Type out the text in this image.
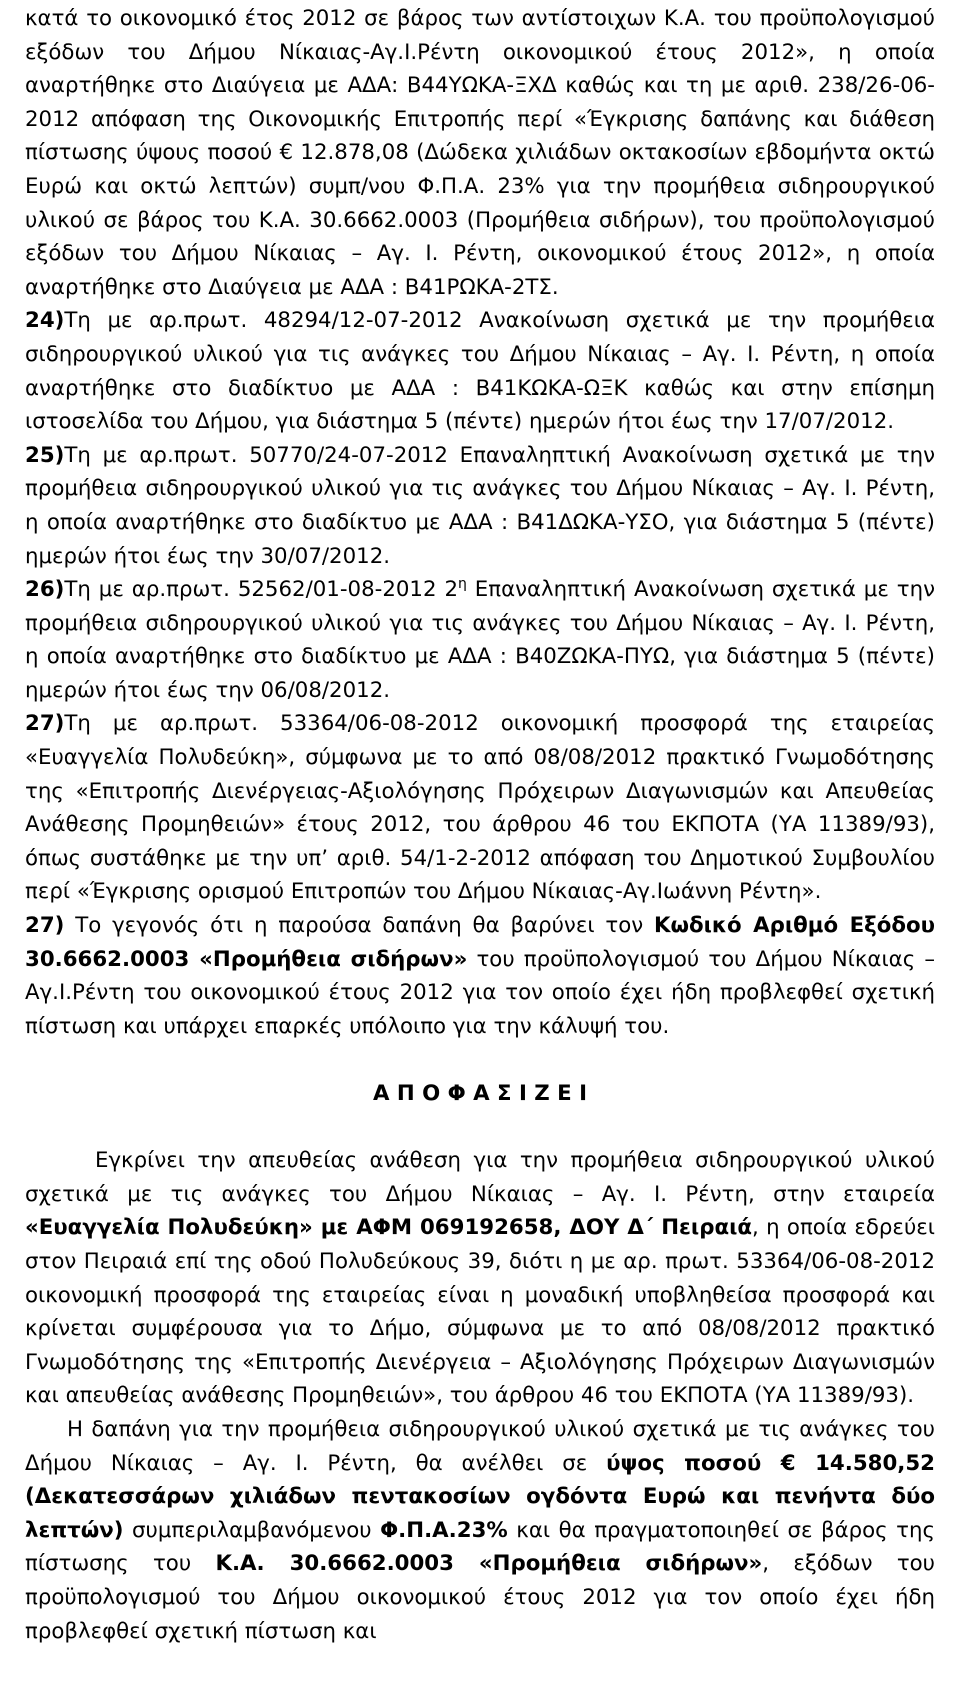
κατά το οικονομικό έτος 2012 σε βάρος των αντίστοιχων Κ.Α. του προϋπολογισμού εξόδων του Δήμου Νίκαιας-Αγ.Ι.Ρέντη οικονομικού έτους 2012», η οποία αναρτήθηκε στο Διαύγεια με ΑΔΑ: Β44ΥΩΚΑ-ΞΧΔ καθώς και τη με αριθ. 238/26-06-2012 απόφαση της Οικονομικής Επιτροπής περί «Έγκρισης δαπάνης και διάθεση πίστωσης ύψους ποσού € 12.878,08 (Δώδεκα χιλιάδων οκτακοσίων εβδομήντα οκτώ Ευρώ και οκτώ λεπτών) συμπ/νου Φ.Π.Α. 23% για την προμήθεια σιδηρουργικού υλικού σε βάρος του Κ.Α. 30.6662.0003 (Προμήθεια σιδήρων), του προϋπολογισμού εξόδων του Δήμου Νίκαιας – Αγ. Ι. Ρέντη, οικονομικού έτους 2012», η οποία αναρτήθηκε στο Διαύγεια με ΑΔΑ : Β41ΡΩΚΑ-2ΤΣ.

24)Τη με αρ.πρωτ. 48294/12-07-2012 Ανακοίνωση σχετικά με την προμήθεια σιδηρουργικού υλικού για τις ανάγκες του Δήμου Νίκαιας – Αγ. Ι. Ρέντη, η οποία αναρτήθηκε στο διαδίκτυο με ΑΔΑ : Β41ΚΩΚΑ-ΩΞΚ καθώς και στην επίσημη ιστοσελίδα του Δήμου, για διάστημα 5 (πέντε) ημερών ήτοι έως την 17/07/2012.

25)Τη με αρ.πρωτ. 50770/24-07-2012 Επαναληπτική Ανακοίνωση σχετικά με την προμήθεια σιδηρουργικού υλικού για τις ανάγκες του Δήμου Νίκαιας – Αγ. Ι. Ρέντη, η οποία αναρτήθηκε στο διαδίκτυο με ΑΔΑ : Β41ΔΩΚΑ-ΥΣΟ, για διάστημα 5 (πέντε) ημερών ήτοι έως την 30/07/2012.

26)Τη με αρ.πρωτ. 52562/01-08-2012 $2^\eta$ Επαναληπτική Ανακοίνωση σχετικά με την προμήθεια σιδηρουργικού υλικού για τις ανάγκες του Δήμου Νίκαιας – Αγ. Ι. Ρέντη, η οποία αναρτήθηκε στο διαδίκτυο με ΑΔΑ : Β40ΖΩΚΑ-ΠΥΩ, για διάστημα 5 (πέντε) ημερών ήτοι έως την 06/08/2012.

27)Τη με αρ.πρωτ. 53364/06-08-2012 οικονομική προσφορά της εταιρείας «Ευαγγελία Πολυδεύκη», σύμφωνα με το από 08/08/2012 πρακτικό Γνωμοδότησης της «Επιτροπής Διενέργειας-Αξιολόγησης Πρόχειρων Διαγωνισμών και Απευθείας Ανάθεσης Προμηθειών» έτους 2012, του άρθρου 46 του ΕΚΠΟΤΑ (ΥΑ 11389/93), όπως συστάθηκε με την υπ’ αριθ. 54/1-2-2012 απόφαση του Δημοτικού Συμβουλίου περί «Έγκρισης ορισμού Επιτροπών του Δήμου Νίκαιας-Αγ.Ιωάννη Ρέντη».

27) Το γεγονός ότι η παρούσα δαπάνη θα βαρύνει τον Κωδικό Αριθμό Εξόδου 30.6662.0003 «Προμήθεια σιδήρων» του προϋπολογισμού του Δήμου Νίκαιας – Αγ.Ι.Ρέντη του οικονομικού έτους 2012 για τον οποίο έχει ήδη προβλεφθεί σχετική πίστωση και υπάρχει επαρκές υπόλοιπο για την κάλυψή του.

Α Π Ο Φ Α Σ Ι Ζ Ε Ι

Εγκρίνει την απευθείας ανάθεση για την προμήθεια σιδηρουργικού υλικού σχετικά με τις ανάγκες του Δήμου Νίκαιας – Αγ. Ι. Ρέντη, στην εταιρεία «Ευαγγελία Πολυδεύκη» με ΑΦΜ 069192658, ΔΟΥ Δ΄ Πειραιά, η οποία εδρεύει στον Πειραιά επί της οδού Πολυδεύκους 39, διότι η με αρ. πρωτ. 53364/06-08-2012 οικονομική προσφορά της εταιρείας είναι η μοναδική υποβληθείσα προσφορά και κρίνεται συμφέρουσα για το Δήμο, σύμφωνα με το από 08/08/2012 πρακτικό Γνωμοδότησης της «Επιτροπής Διενέργεια – Αξιολόγησης Πρόχειρων Διαγωνισμών και απευθείας ανάθεσης Προμηθειών», του άρθρου 46 του ΕΚΠΟΤΑ (ΥΑ 11389/93).

Η δαπάνη για την προμήθεια σιδηρουργικού υλικού σχετικά με τις ανάγκες του Δήμου Νίκαιας – Αγ. Ι. Ρέντη, θα ανέλθει σε ύψος ποσού € 14.580,52 (Δεκατεσσάρων χιλιάδων πεντακοσίων ογδόντα Ευρώ και πενήντα δύο λεπτών) συμπεριλαμβανόμενου Φ.Π.Α.23% και θα πραγματοποιηθεί σε βάρος της πίστωσης του Κ.Α. 30.6662.0003 «Προμήθεια σιδήρων», εξόδων του προϋπολογισμού του Δήμου οικονομικού έτους 2012 για τον οποίο έχει ήδη προβλεφθεί σχετική πίστωση και
